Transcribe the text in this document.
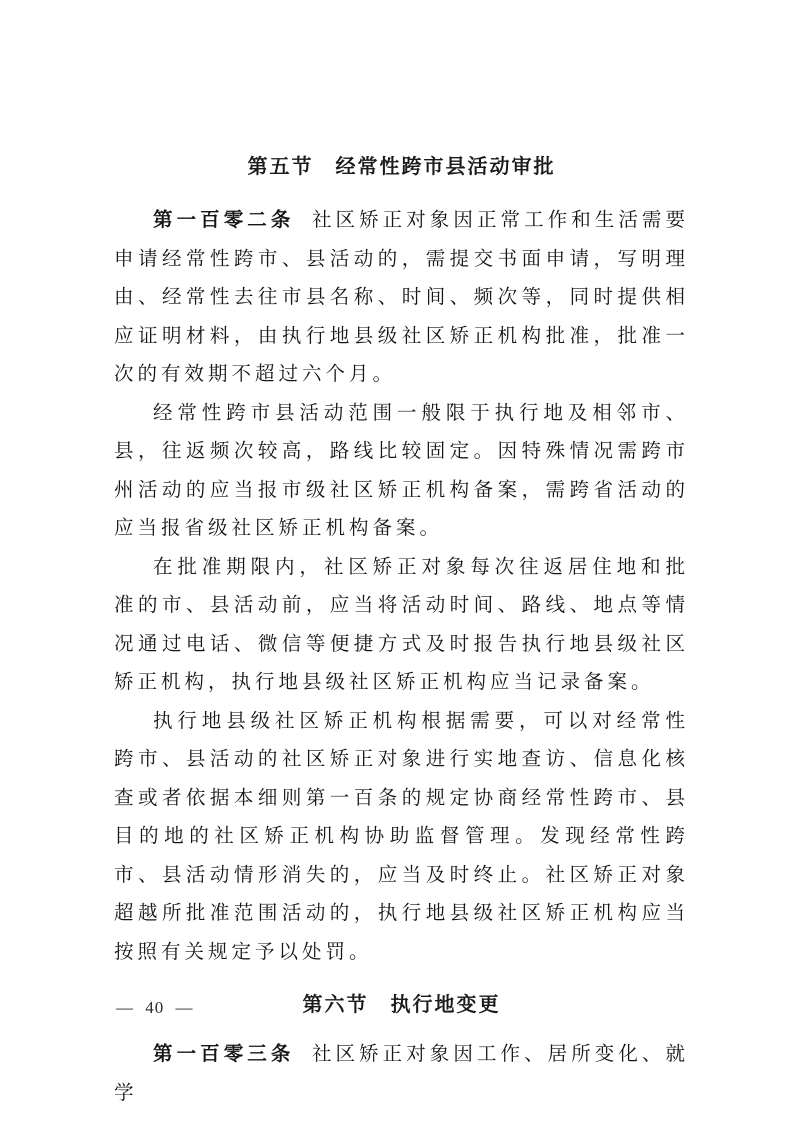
第五节　经常性跨市县活动审批

第一百零二条 社区矫正对象因正常工作和生活需要申请经常性跨市、县活动的，需提交书面申请，写明理由、经常性去往市县名称、时间、频次等，同时提供相应证明材料，由执行地县级社区矫正机构批准，批准一次的有效期不超过六个月。

经常性跨市县活动范围一般限于执行地及相邻市、县，往返频次较高，路线比较固定。因特殊情况需跨市州活动的应当报市级社区矫正机构备案，需跨省活动的应当报省级社区矫正机构备案。

在批准期限内，社区矫正对象每次往返居住地和批准的市、县活动前，应当将活动时间、路线、地点等情况通过电话、微信等便捷方式及时报告执行地县级社区矫正机构，执行地县级社区矫正机构应当记录备案。

执行地县级社区矫正机构根据需要，可以对经常性跨市、县活动的社区矫正对象进行实地查访、信息化核查或者依据本细则第一百条的规定协商经常性跨市、县目的地的社区矫正机构协助监督管理。发现经常性跨市、县活动情形消失的，应当及时终止。社区矫正对象超越所批准范围活动的，执行地县级社区矫正机构应当按照有关规定予以处罚。

第六节　执行地变更

第一百零三条 社区矫正对象因工作、居所变化、就学

— 40 —
